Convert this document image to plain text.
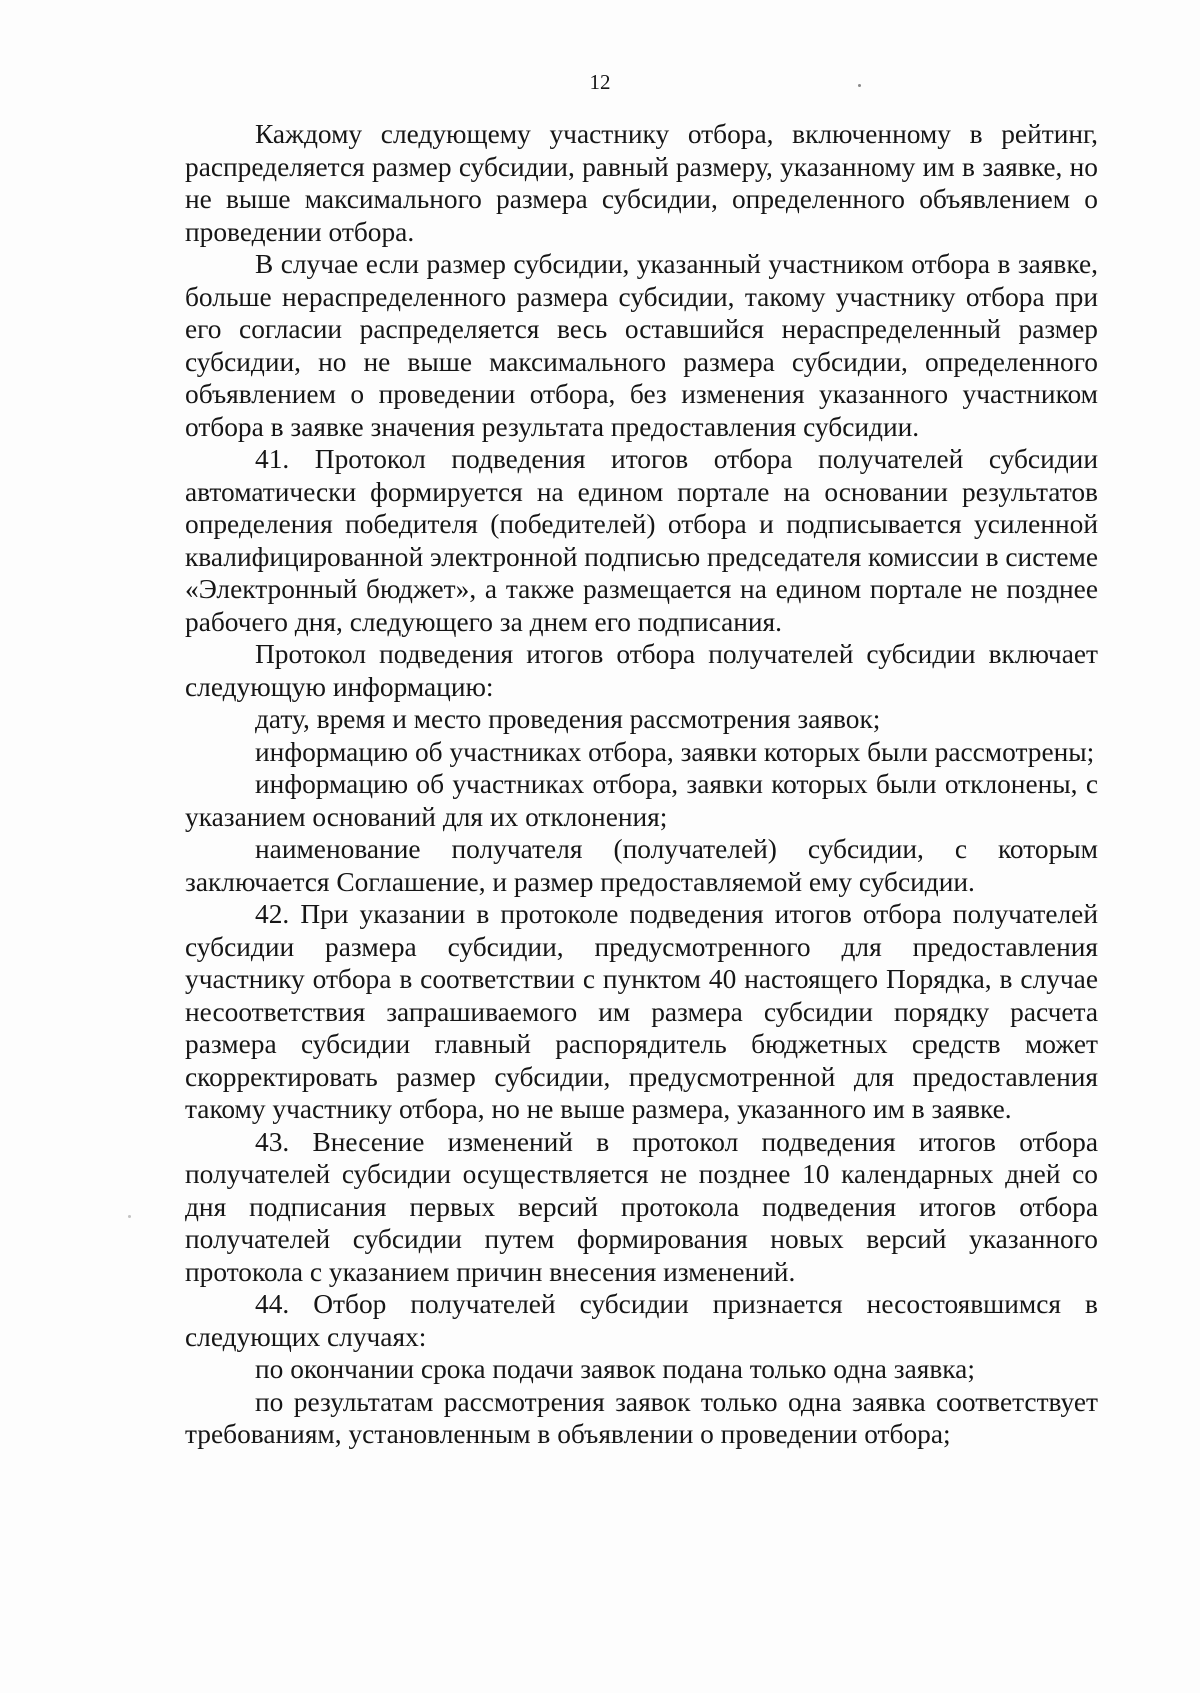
12

Каждому следующему участнику отбора, включенному в рейтинг, распределяется размер субсидии, равный размеру, указанному им в заявке, но не выше максимального размера субсидии, определенного объявлением о проведении отбора.

В случае если размер субсидии, указанный участником отбора в заявке, больше нераспределенного размера субсидии, такому участнику отбора при его согласии распределяется весь оставшийся нераспределенный размер субсидии, но не выше максимального размера субсидии, определенного объявлением о проведении отбора, без изменения указанного участником отбора в заявке значения результата предоставления субсидии.

41. Протокол подведения итогов отбора получателей субсидии автоматически формируется на едином портале на основании результатов определения победителя (победителей) отбора и подписывается усиленной квалифицированной электронной подписью председателя комиссии в системе «Электронный бюджет», а также размещается на едином портале не позднее рабочего дня, следующего за днем его подписания.

Протокол подведения итогов отбора получателей субсидии включает следующую информацию:

дату, время и место проведения рассмотрения заявок;

информацию об участниках отбора, заявки которых были рассмотрены;

информацию об участниках отбора, заявки которых были отклонены, с указанием оснований для их отклонения;

наименование получателя (получателей) субсидии, с которым заключается Соглашение, и размер предоставляемой ему субсидии.

42. При указании в протоколе подведения итогов отбора получателей субсидии размера субсидии, предусмотренного для предоставления участнику отбора в соответствии с пунктом 40 настоящего Порядка, в случае несоответствия запрашиваемого им размера субсидии порядку расчета размера субсидии главный распорядитель бюджетных средств может скорректировать размер субсидии, предусмотренной для предоставления такому участнику отбора, но не выше размера, указанного им в заявке.

43. Внесение изменений в протокол подведения итогов отбора получателей субсидии осуществляется не позднее 10 календарных дней со дня подписания первых версий протокола подведения итогов отбора получателей субсидии путем формирования новых версий указанного протокола с указанием причин внесения изменений.

44. Отбор получателей субсидии признается несостоявшимся в следующих случаях:

по окончании срока подачи заявок подана только одна заявка;

по результатам рассмотрения заявок только одна заявка соответствует требованиям, установленным в объявлении о проведении отбора;
